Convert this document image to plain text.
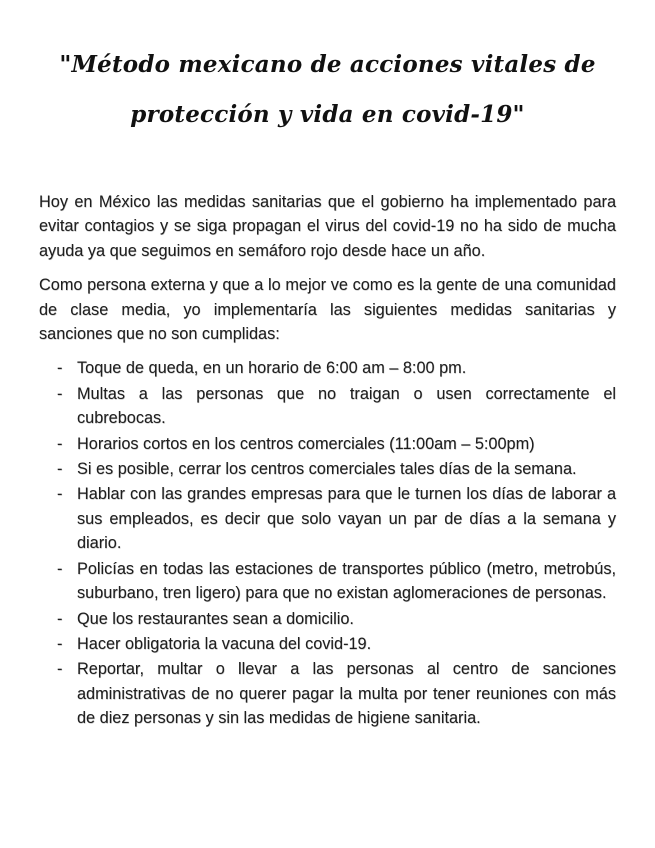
"Método mexicano de acciones vitales de protección y vida en covid-19"

Hoy en México las medidas sanitarias que el gobierno ha implementado para evitar contagios y se siga propagan el virus del covid-19 no ha sido de mucha ayuda ya que seguimos en semáforo rojo desde hace un año.

Como persona externa y que a lo mejor ve como es la gente de una comunidad de clase media, yo implementaría las siguientes medidas sanitarias y sanciones que no son cumplidas:

- Toque de queda, en un horario de 6:00 am – 8:00 pm.
- Multas a las personas que no traigan o usen correctamente el cubrebocas.
- Horarios cortos en los centros comerciales (11:00am – 5:00pm)
- Si es posible, cerrar los centros comerciales tales días de la semana.
- Hablar con las grandes empresas para que le turnen los días de laborar a sus empleados, es decir que solo vayan un par de días a la semana y diario.
- Policías en todas las estaciones de transportes público (metro, metrobús, suburbano, tren ligero) para que no existan aglomeraciones de personas.
- Que los restaurantes sean a domicilio.
- Hacer obligatoria la vacuna del covid-19.
- Reportar, multar o llevar a las personas al centro de sanciones administrativas de no querer pagar la multa por tener reuniones con más de diez personas y sin las medidas de higiene sanitaria.
